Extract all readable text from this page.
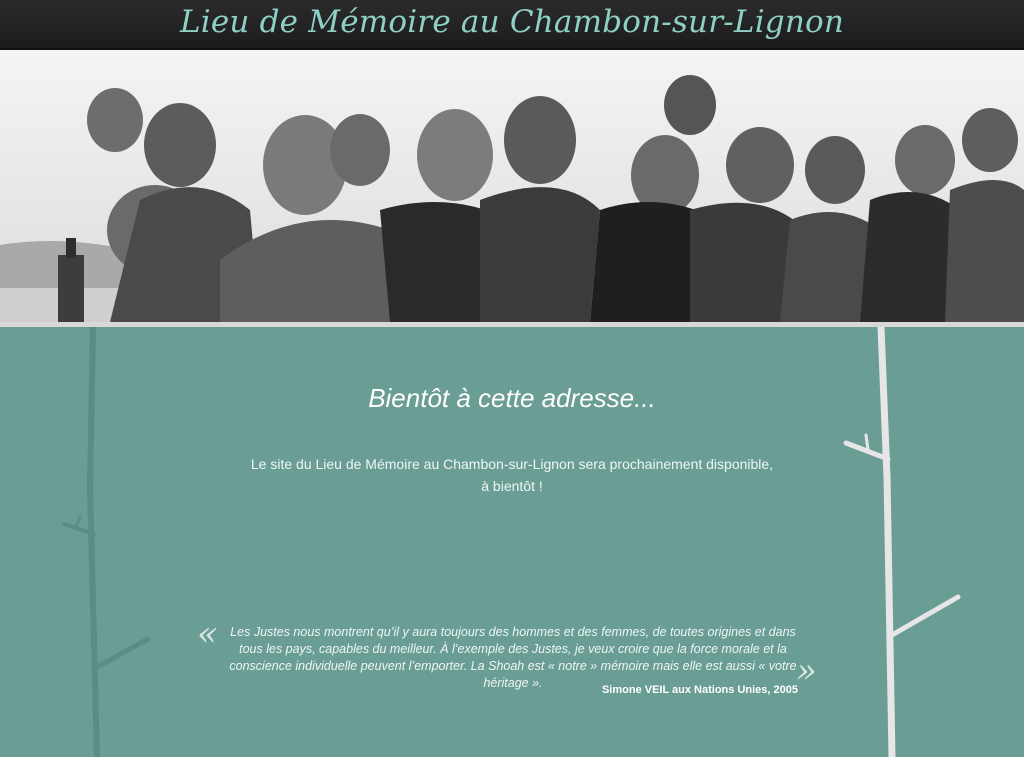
Lieu de Mémoire au Chambon-sur-Lignon
Bientôt à cette adresse...
Le site du Lieu de Mémoire au Chambon-sur-Lignon sera prochainement disponible,
à bientôt !
« Les Justes nous montrent qu’il y aura toujours des hommes et des femmes, de toutes origines et dans tous les pays, capables du meilleur. À l’exemple des Justes, je veux croire que la force morale et la conscience individuelle peuvent l’emporter. La Shoah est « notre » mémoire mais elle est aussi « votre héritage ».	»
Simone VEIL aux Nations Unies, 2005
